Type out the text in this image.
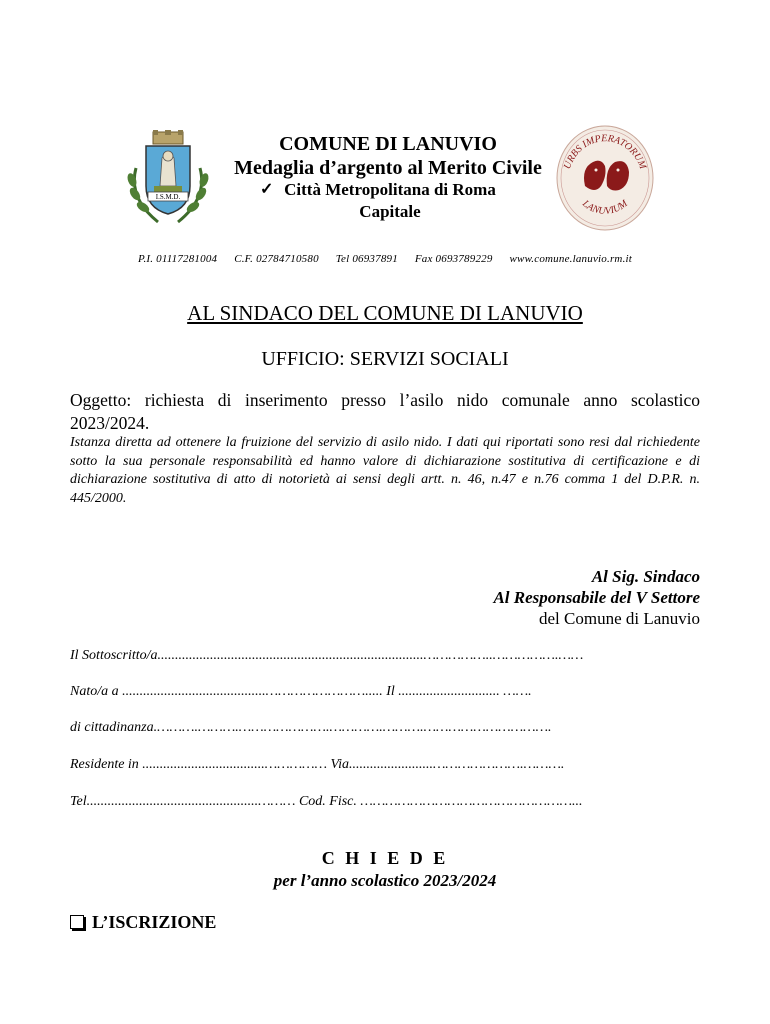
I.S.M.D.
URBS IMPERATORUM
LANUVIUM
COMUNE DI LANUVIO
Medaglia d’argento al Merito Civile
✓ Città Metropolitana di Roma
Capitale
P.I. 01117281004 C.F. 02784710580 Tel 06937891 Fax 0693789229 www.comune.lanuvio.rm.it
AL SINDACO DEL COMUNE DI LANUVIO
UFFICIO: SERVIZI SOCIALI
Oggetto: richiesta di inserimento presso l’asilo nido comunale anno scolastico 2023/2024.
Istanza diretta ad ottenere la fruizione del servizio di asilo nido. I dati qui riportati sono resi dal richiedente sotto la sua personale responsabilità ed hanno valore di dichiarazione sostitutiva di certificazione e di dichiarazione sostitutiva di atto di notorietà ai sensi degli artt. n. 46, n.47 e n.76 comma 1 del D.P.R. n. 445/2000.
Al Sig. Sindaco
Al Responsabile del V Settore
del Comune di Lanuvio
Il Sottoscritto/a............................................................................……………..…………….……
Nato/a a .........................................……………………..... Il ............................. …….
di cittadinanza.……….……….………………….………….……….………………………….
Residente in ...................................…………… Via........................………………….……….
Tel.................................................……… Cod. Fisc. ……………………………………………...
C H I E D E
per l’anno scolastico 2023/2024
L’ISCRIZIONE
